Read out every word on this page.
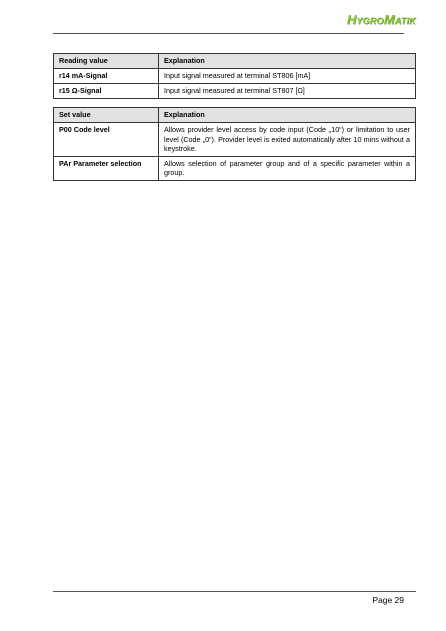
HYGROMATIK
Reading value	Explanation
r14 mA-Signal	Input signal measured at terminal ST806 [mA]
r15 Ω-Signal	Input signal measured at terminal ST807 [Ω]
Set value	Explanation
P00 Code level	Allows provider level access by code input (Code „10“) or limitation to user level (Code „0“). Provider level is exited automatically after 10 mins without a keystroke.
PAr Parameter selection	Allows selection of parameter group and of a specific parameter within a group.
Page 29
